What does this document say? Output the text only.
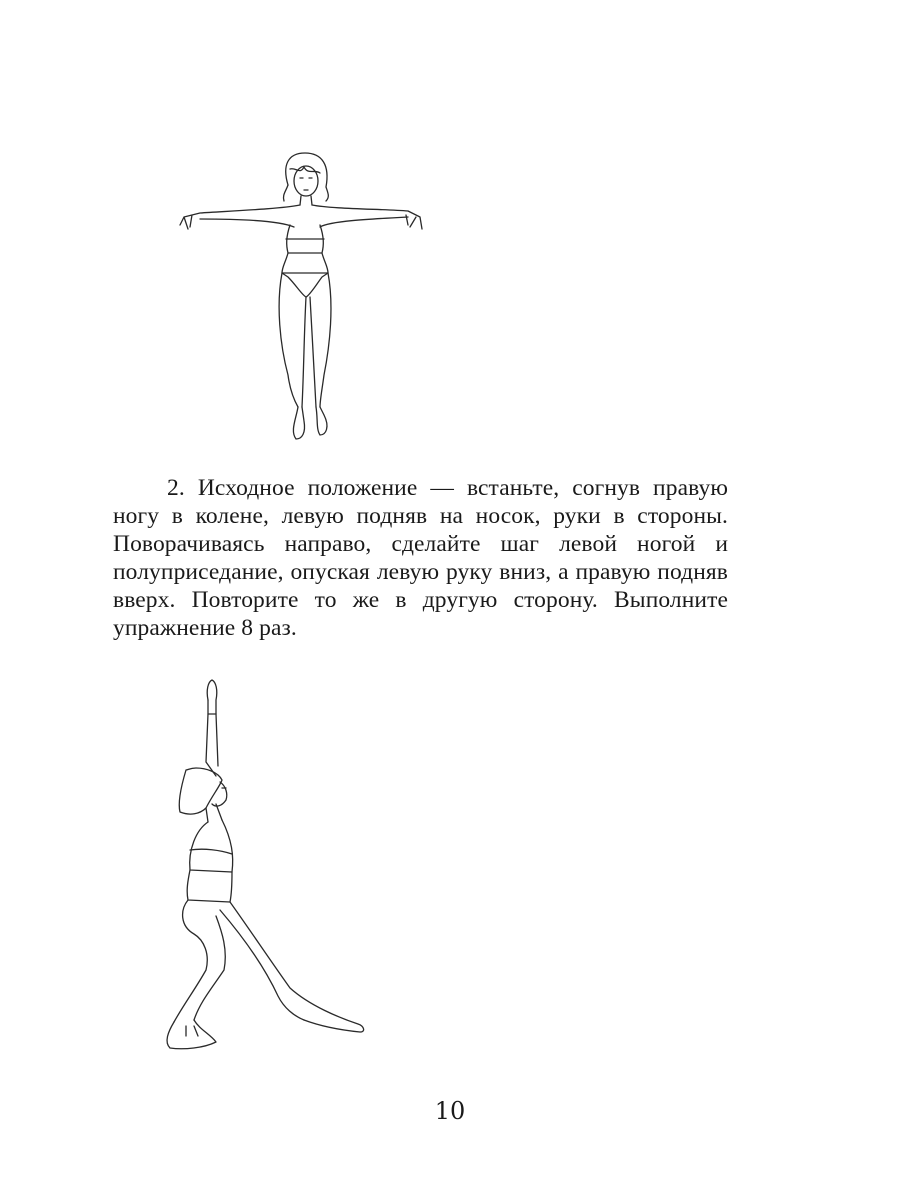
2. Исходное положение — встаньте, согнув правую ногу в колене, левую подняв на носок, руки в стороны. Поворачиваясь направо, сделайте шаг левой ногой и полуприседание, опуская левую руку вниз, а правую подняв вверх. Повторите то же в другую сторону. Выполните упражнение 8 раз.

10
